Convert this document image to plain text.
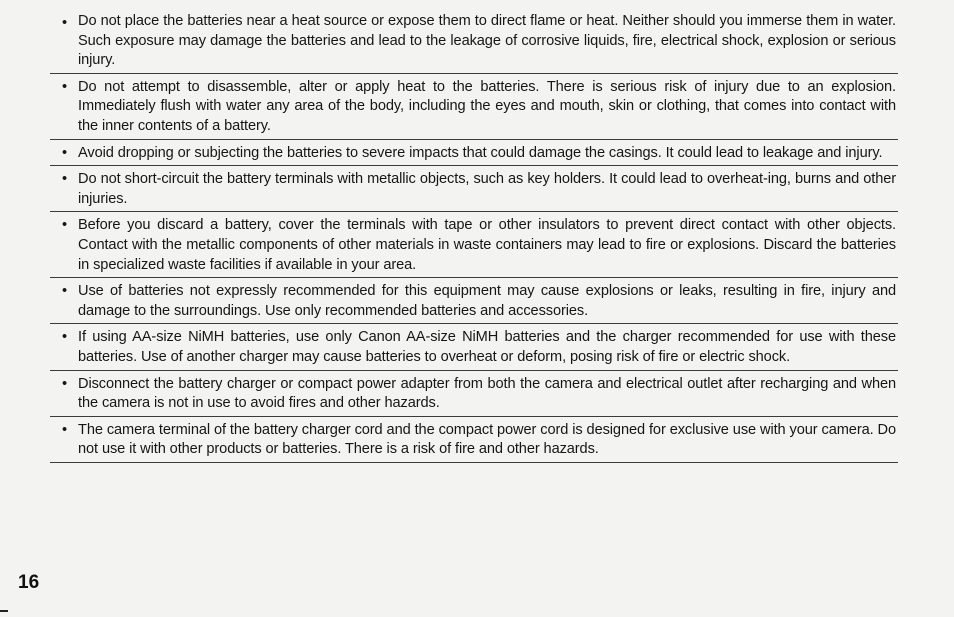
• Do not place the batteries near a heat source or expose them to direct flame or heat. Neither should you immerse them in water. Such exposure may damage the batteries and lead to the leakage of corrosive liquids, fire, electrical shock, explosion or serious injury.
• Do not attempt to disassemble, alter or apply heat to the batteries. There is serious risk of injury due to an explosion. Immediately flush with water any area of the body, including the eyes and mouth, skin or clothing, that comes into contact with the inner contents of a battery.
• Avoid dropping or subjecting the batteries to severe impacts that could damage the casings. It could lead to leakage and injury.
• Do not short-circuit the battery terminals with metallic objects, such as key holders. It could lead to overheat-ing, burns and other injuries.
• Before you discard a battery, cover the terminals with tape or other insulators to prevent direct contact with other objects. Contact with the metallic components of other materials in waste containers may lead to fire or explosions. Discard the batteries in specialized waste facilities if available in your area.
• Use of batteries not expressly recommended for this equipment may cause explosions or leaks, resulting in fire, injury and damage to the surroundings. Use only recommended batteries and accessories.
• If using AA-size NiMH batteries, use only Canon AA-size NiMH batteries and the charger recommended for use with these batteries. Use of another charger may cause batteries to overheat or deform, posing risk of fire or electric shock.
• Disconnect the battery charger or compact power adapter from both the camera and electrical outlet after recharging and when the camera is not in use to avoid fires and other hazards.
• The camera terminal of the battery charger cord and the compact power cord is designed for exclusive use with your camera. Do not use it with other products or batteries. There is a risk of fire and other hazards.
16
